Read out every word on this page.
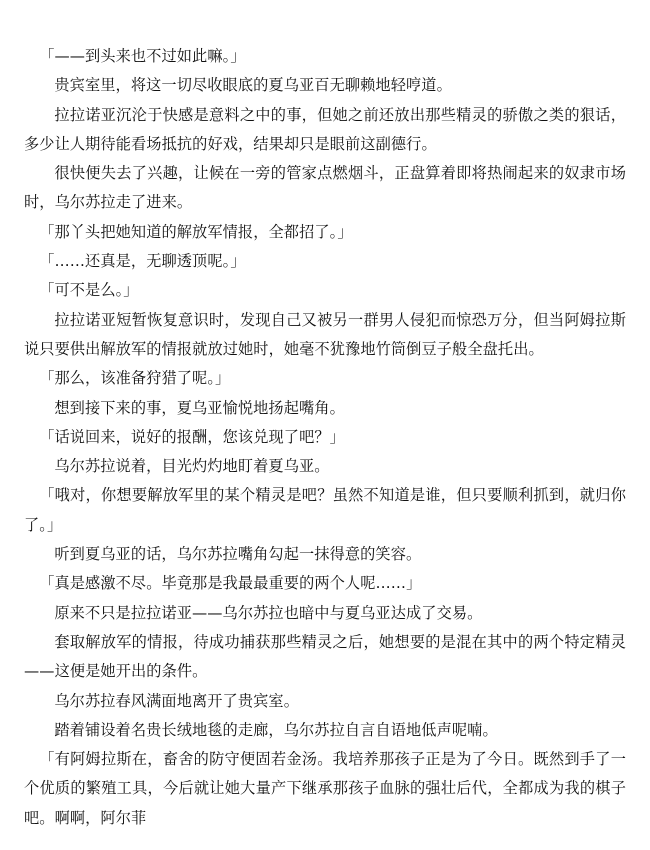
「——到头来也不过如此嘛。」

贵宾室里，将这一切尽收眼底的夏乌亚百无聊赖地轻哼道。

拉拉诺亚沉沦于快感是意料之中的事，但她之前还放出那些精灵的骄傲之类的狠话，多少让人期待能看场抵抗的好戏，结果却只是眼前这副德行。

很快便失去了兴趣，让候在一旁的管家点燃烟斗，正盘算着即将热闹起来的奴隶市场时，乌尔苏拉走了进来。

「那丫头把她知道的解放军情报，全都招了。」

「……还真是，无聊透顶呢。」

「可不是么。」

拉拉诺亚短暂恢复意识时，发现自己又被另一群男人侵犯而惊恐万分，但当阿姆拉斯说只要供出解放军的情报就放过她时，她毫不犹豫地竹筒倒豆子般全盘托出。

「那么，该准备狩猎了呢。」

想到接下来的事，夏乌亚愉悦地扬起嘴角。

「话说回来，说好的报酬，您该兑现了吧？」

乌尔苏拉说着，目光灼灼地盯着夏乌亚。

「哦对，你想要解放军里的某个精灵是吧？虽然不知道是谁，但只要顺利抓到，就归你了。」

听到夏乌亚的话，乌尔苏拉嘴角勾起一抹得意的笑容。

「真是感激不尽。毕竟那是我最最重要的两个人呢……」

原来不只是拉拉诺亚——乌尔苏拉也暗中与夏乌亚达成了交易。

套取解放军的情报，待成功捕获那些精灵之后，她想要的是混在其中的两个特定精灵——这便是她开出的条件。

乌尔苏拉春风满面地离开了贵宾室。

踏着铺设着名贵长绒地毯的走廊，乌尔苏拉自言自语地低声呢喃。

「有阿姆拉斯在，畜舍的防守便固若金汤。我培养那孩子正是为了今日。既然到手了一个优质的繁殖工具，今后就让她大量产下继承那孩子血脉的强壮后代，全都成为我的棋子吧。啊啊，阿尔菲
